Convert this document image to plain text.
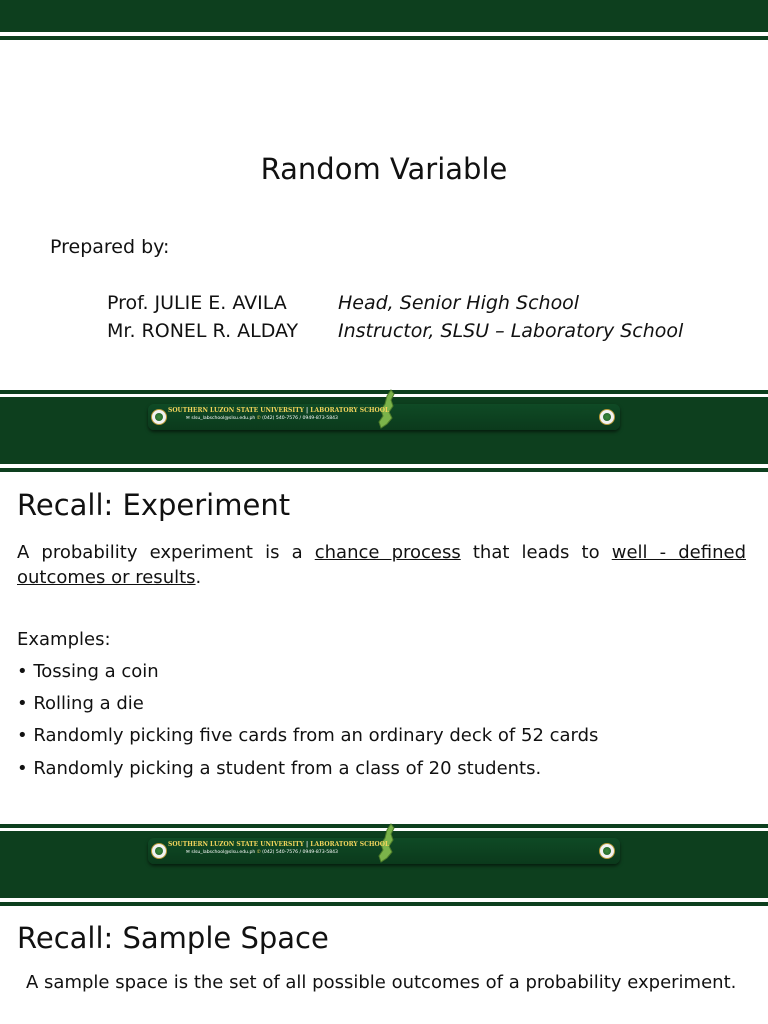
Random Variable
Prepared by:
Prof. JULIE E. AVILA	Head, Senior High School
Mr. RONEL R. ALDAY Instructor, SLSU – Laboratory School
SOUTHERN LUZON STATE UNIVERSITY | LABORATORY SCHOOL
✉ slsu_labschool@slsu.edu.ph ✆ (042) 540-7576 / 0949-873-5843
Recall: Experiment
A probability experiment is a chance process that leads to well - defined outcomes or results.
Examples:
• Tossing a coin
• Rolling a die
• Randomly picking five cards from an ordinary deck of 52 cards
• Randomly picking a student from a class of 20 students.
SOUTHERN LUZON STATE UNIVERSITY | LABORATORY SCHOOL
✉ slsu_labschool@slsu.edu.ph ✆ (042) 540-7576 / 0949-873-5843
Recall: Sample Space
A sample space is the set of all possible outcomes of a probability experiment.
